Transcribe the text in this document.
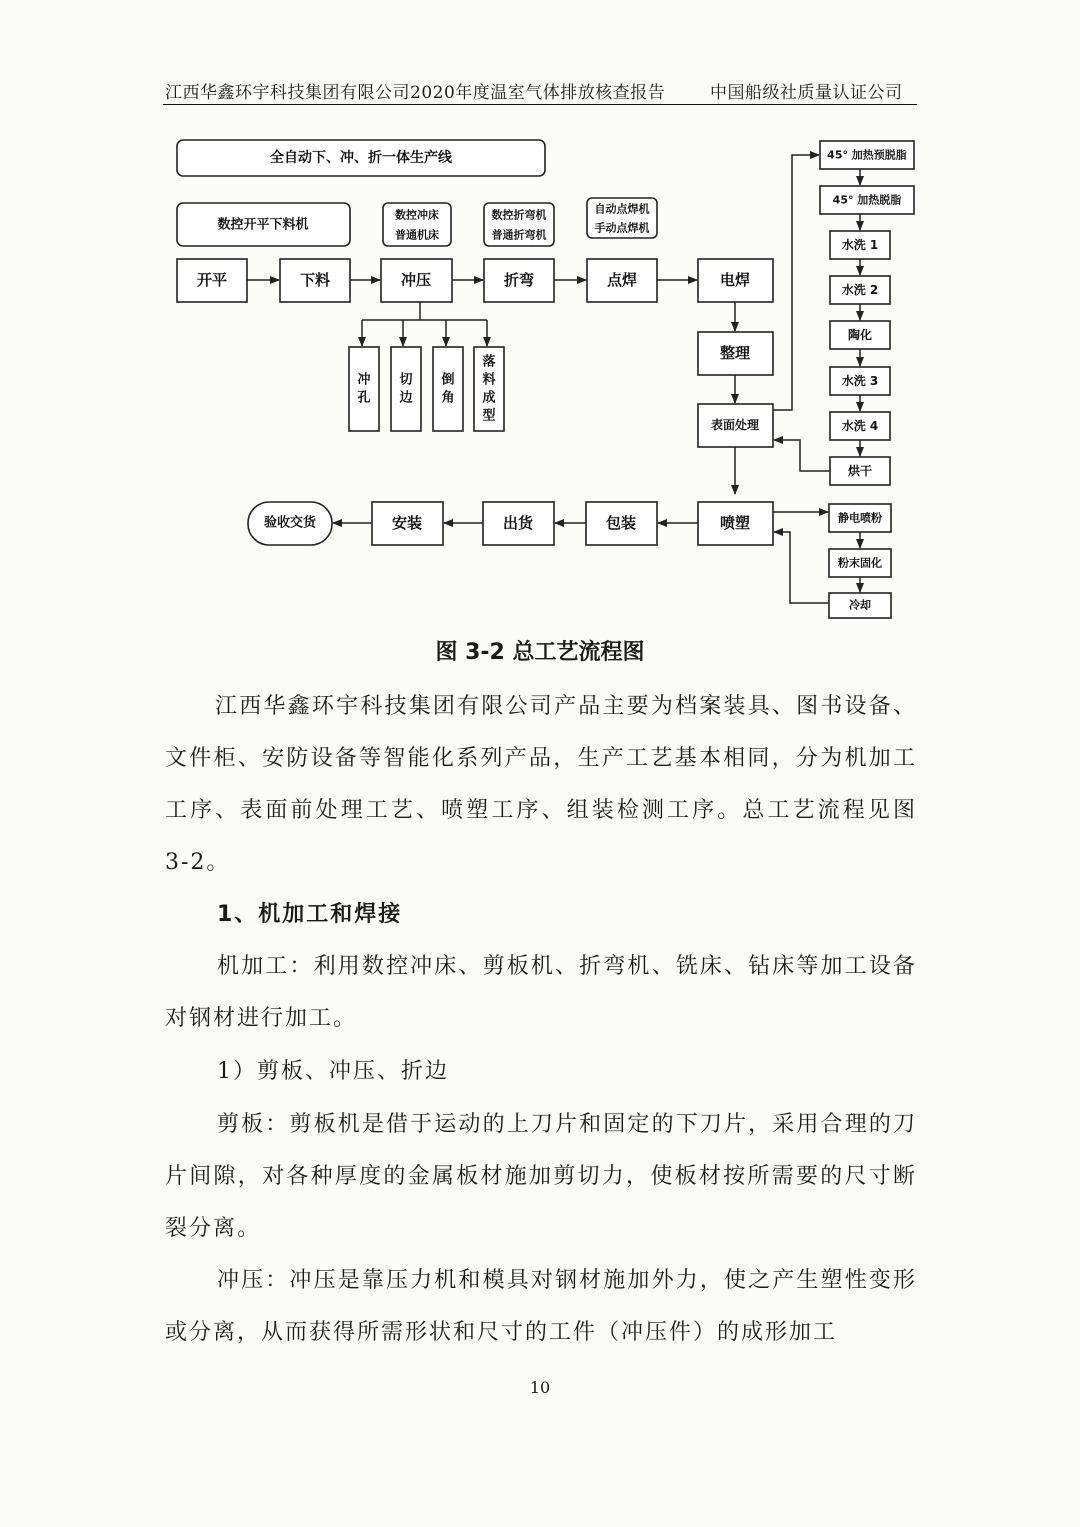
江西华鑫环宇科技集团有限公司2020年度温室气体排放核查报告	中国船级社质量认证公司
全自动下、冲、折一体生产线
数控开平下料机
数控冲床
普通机床
数控折弯机
普通折弯机
自动点焊机
手动点焊机
开平	下料	冲压	折弯	点焊	电焊
整理
表面处理
喷塑
包装
出货
安装
验收交货
冲
孔
切
边
倒
角
落
料
成
型
45° 加热预脱脂
45° 加热脱脂
水洗 1
水洗 2
陶化
水洗 3
水洗 4
烘干
静电喷粉
粉末固化
冷却
图 3-2 总工艺流程图

江西华鑫环宇科技集团有限公司产品主要为档案装具、图书设备、文件柜、安防设备等智能化系列产品，生产工艺基本相同，分为机加工工序、表面前处理工艺、喷塑工序、组装检测工序。总工艺流程见图 3-2。

1、机加工和焊接

机加工：利用数控冲床、剪板机、折弯机、铣床、钻床等加工设备对钢材进行加工。

1）剪板、冲压、折边

剪板：剪板机是借于运动的上刀片和固定的下刀片，采用合理的刀片间隙，对各种厚度的金属板材施加剪切力，使板材按所需要的尺寸断裂分离。

冲压：冲压是靠压力机和模具对钢材施加外力，使之产生塑性变形或分离，从而获得所需形状和尺寸的工件（冲压件）的成形加工

10
